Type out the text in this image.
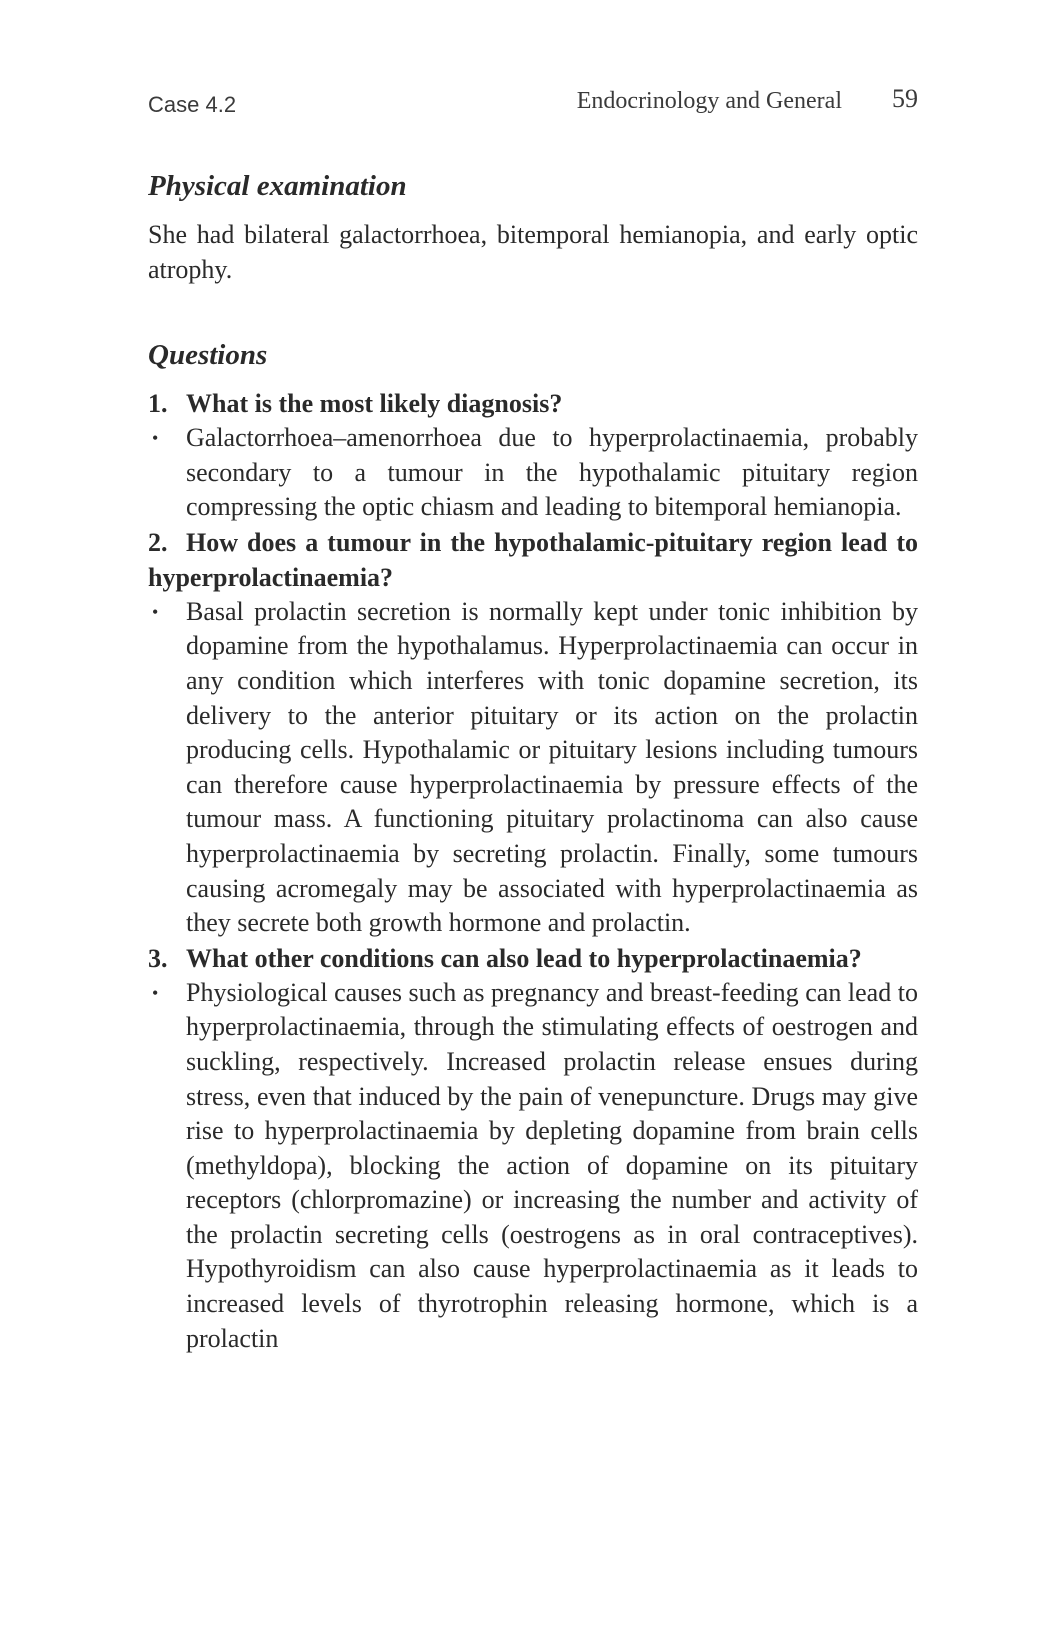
Case 4.2	Endocrinology and General 59
Physical examination

She had bilateral galactorrhoea, bitemporal hemianopia, and early optic atrophy.

Questions

1. What is the most likely diagnosis?

• Galactorrhoea–amenorrhoea due to hyperprolactinaemia, probably secondary to a tumour in the hypothalamic pituitary region compressing the optic chiasm and leading to bitemporal hemianopia.

2. How does a tumour in the hypothalamic-pituitary region lead to hyperprolactinaemia?

• Basal prolactin secretion is normally kept under tonic inhibition by dopamine from the hypothalamus. Hyperprolactinaemia can occur in any condition which interferes with tonic dopamine secretion, its delivery to the anterior pituitary or its action on the prolactin producing cells. Hypothalamic or pituitary lesions including tumours can therefore cause hyperprolactinaemia by pressure effects of the tumour mass. A functioning pituitary prolactinoma can also cause hyperprolactinaemia by secreting prolactin. Finally, some tumours causing acromegaly may be associated with hyperprolactinaemia as they secrete both growth hormone and prolactin.

3. What other conditions can also lead to hyperprolactinaemia?

• Physiological causes such as pregnancy and breast-feeding can lead to hyperprolactinaemia, through the stimulating effects of oestrogen and suckling, respectively. Increased prolactin release ensues during stress, even that induced by the pain of venepuncture. Drugs may give rise to hyperprolactinaemia by depleting dopamine from brain cells (methyldopa), blocking the action of dopamine on its pituitary receptors (chlorpromazine) or increasing the number and activity of the prolactin secreting cells (oestrogens as in oral contraceptives). Hypothyroidism can also cause hyperprolactinaemia as it leads to increased levels of thyrotrophin releasing hormone, which is a prolactin
